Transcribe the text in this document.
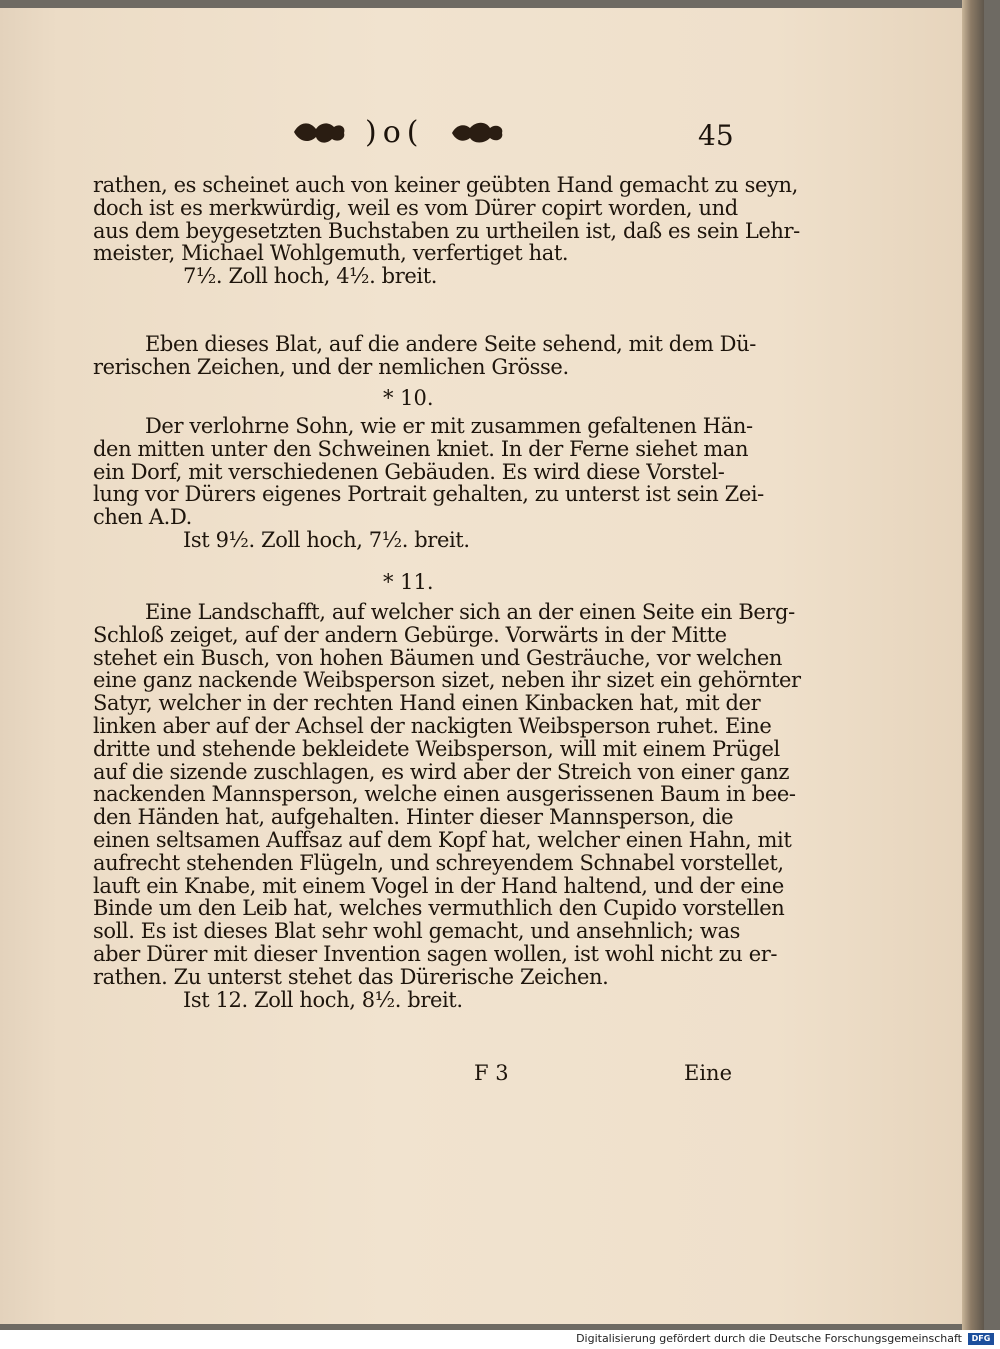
)o(	45
rathen, es scheinet auch von keiner geübten Hand gemacht zu seyn,
doch ist es merkwürdig, weil es vom Dürer copirt worden, und
aus dem beygesetzten Buchstaben zu urtheilen ist, daß es sein Lehr-
meister, Michael Wohlgemuth, verfertiget hat.
7½. Zoll hoch, 4½. breit.
Eben dieses Blat, auf die andere Seite sehend, mit dem Dü-
rerischen Zeichen, und der nemlichen Grösse.
* 10.
Der verlohrne Sohn, wie er mit zusammen gefaltenen Hän-
den mitten unter den Schweinen kniet. In der Ferne siehet man
ein Dorf, mit verschiedenen Gebäuden. Es wird diese Vorstel-
lung vor Dürers eigenes Portrait gehalten, zu unterst ist sein Zei-
chen A.D.
Ist 9½. Zoll hoch, 7½. breit.
* 11.
Eine Landschafft, auf welcher sich an der einen Seite ein Berg-
Schloß zeiget, auf der andern Gebürge. Vorwärts in der Mitte
stehet ein Busch, von hohen Bäumen und Gesträuche, vor welchen
eine ganz nackende Weibsperson sizet, neben ihr sizet ein gehörnter
Satyr, welcher in der rechten Hand einen Kinbacken hat, mit der
linken aber auf der Achsel der nackigten Weibsperson ruhet. Eine
dritte und stehende bekleidete Weibsperson, will mit einem Prügel
auf die sizende zuschlagen, es wird aber der Streich von einer ganz
nackenden Mannsperson, welche einen ausgerissenen Baum in bee-
den Händen hat, aufgehalten. Hinter dieser Mannsperson, die
einen seltsamen Auffsaz auf dem Kopf hat, welcher einen Hahn, mit
aufrecht stehenden Flügeln, und schreyendem Schnabel vorstellet,
lauft ein Knabe, mit einem Vogel in der Hand haltend, und der eine
Binde um den Leib hat, welches vermuthlich den Cupido vorstellen
soll. Es ist dieses Blat sehr wohl gemacht, und ansehnlich; was
aber Dürer mit dieser Invention sagen wollen, ist wohl nicht zu er-
rathen. Zu unterst stehet das Dürerische Zeichen.
Ist 12. Zoll hoch, 8½. breit.
F 3	Eine
Digitalisierung gefördert durch die Deutsche Forschungsgemeinschaft	DFG
